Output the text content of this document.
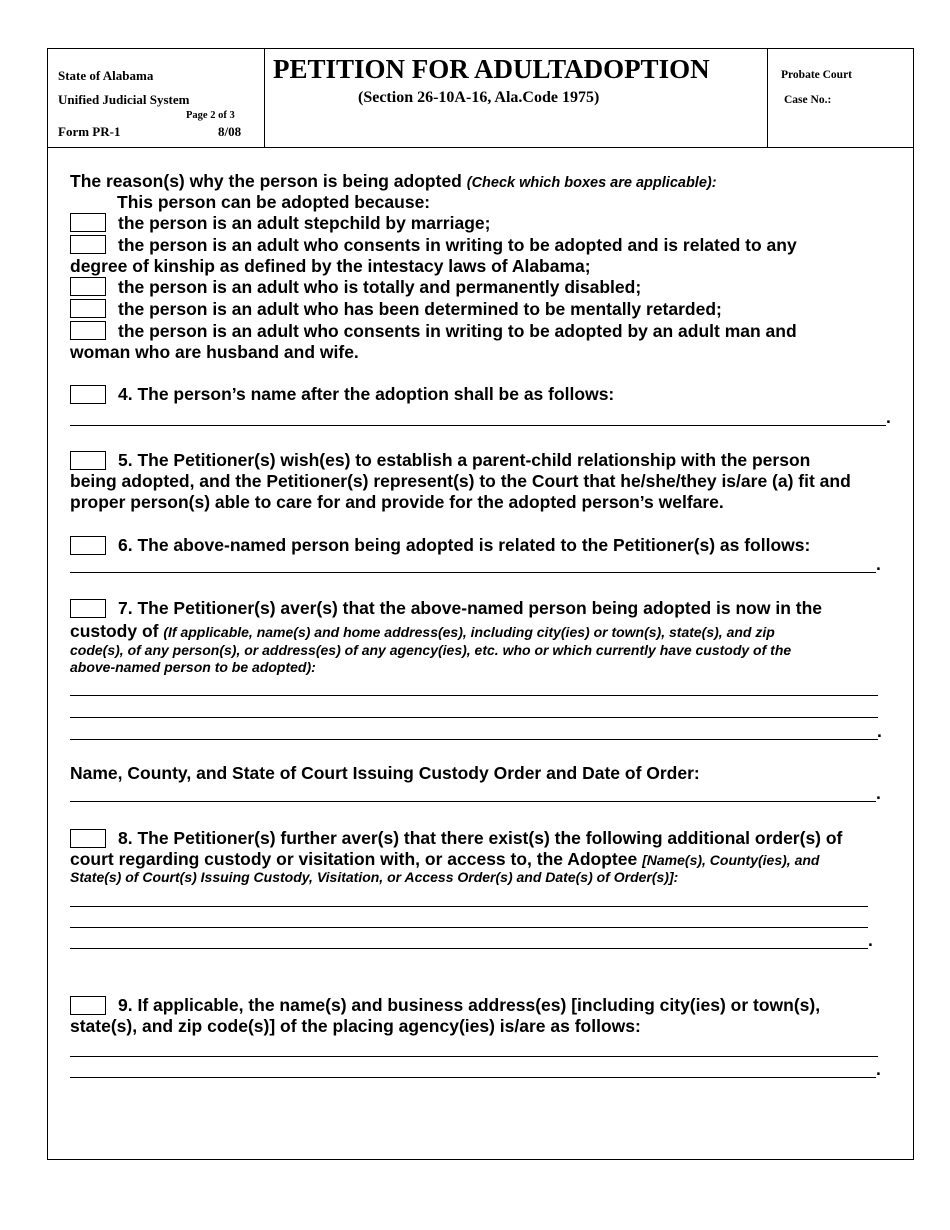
State of Alabama
Unified Judicial System
Page 2 of 3
Form PR-1	8/08
PETITION FOR ADULTADOPTION
(Section 26-10A-16, Ala.Code 1975)
Probate Court
Case No.:
The reason(s) why the person is being adopted (Check which boxes are applicable):
This person can be adopted because:
the person is an adult stepchild by marriage;
the person is an adult who consents in writing to be adopted and is related to any
degree of kinship as defined by the intestacy laws of Alabama;
the person is an adult who is totally and permanently disabled;
the person is an adult who has been determined to be mentally retarded;
the person is an adult who consents in writing to be adopted by an adult man and
woman who are husband and wife.
4. The person’s name after the adoption shall be as follows:
.
5. The Petitioner(s) wish(es) to establish a parent-child relationship with the person
being adopted, and the Petitioner(s) represent(s) to the Court that he/she/they is/are (a) fit and
proper person(s) able to care for and provide for the adopted person’s welfare.
6. The above-named person being adopted is related to the Petitioner(s) as follows:
.
7. The Petitioner(s) aver(s) that the above-named person being adopted is now in the
custody of (If applicable, name(s) and home address(es), including city(ies) or town(s), state(s), and zip
code(s), of any person(s), or address(es) of any agency(ies), etc. who or which currently have custody of the
above-named person to be adopted):
.
Name, County, and State of Court Issuing Custody Order and Date of Order:
.
8. The Petitioner(s) further aver(s) that there exist(s) the following additional order(s) of
court regarding custody or visitation with, or access to, the Adoptee [Name(s), County(ies), and
State(s) of Court(s) Issuing Custody, Visitation, or Access Order(s) and Date(s) of Order(s)]:
.
9. If applicable, the name(s) and business address(es) [including city(ies) or town(s),
state(s), and zip code(s)] of the placing agency(ies) is/are as follows:
.
